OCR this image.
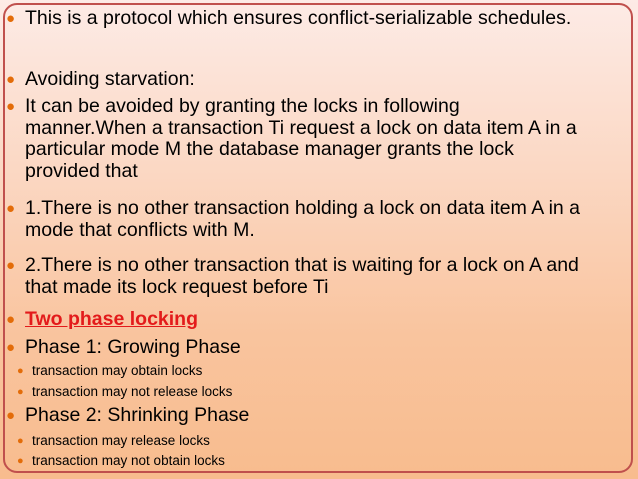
● This is a protocol which ensures conflict-serializable schedules.
● Avoiding starvation:
● It can be avoided by granting the locks in following manner.When a transaction Ti request a lock on data item A in a particular mode M the database manager grants the lock provided that
● 1.There is no other transaction holding a lock on data item A in a mode that conflicts with M.
● 2.There is no other transaction that is waiting for a lock on A and that made its lock request before Ti
● Two phase locking
● Phase 1: Growing Phase
● transaction may obtain locks
● transaction may not release locks
● Phase 2: Shrinking Phase
● transaction may release locks
● transaction may not obtain locks
